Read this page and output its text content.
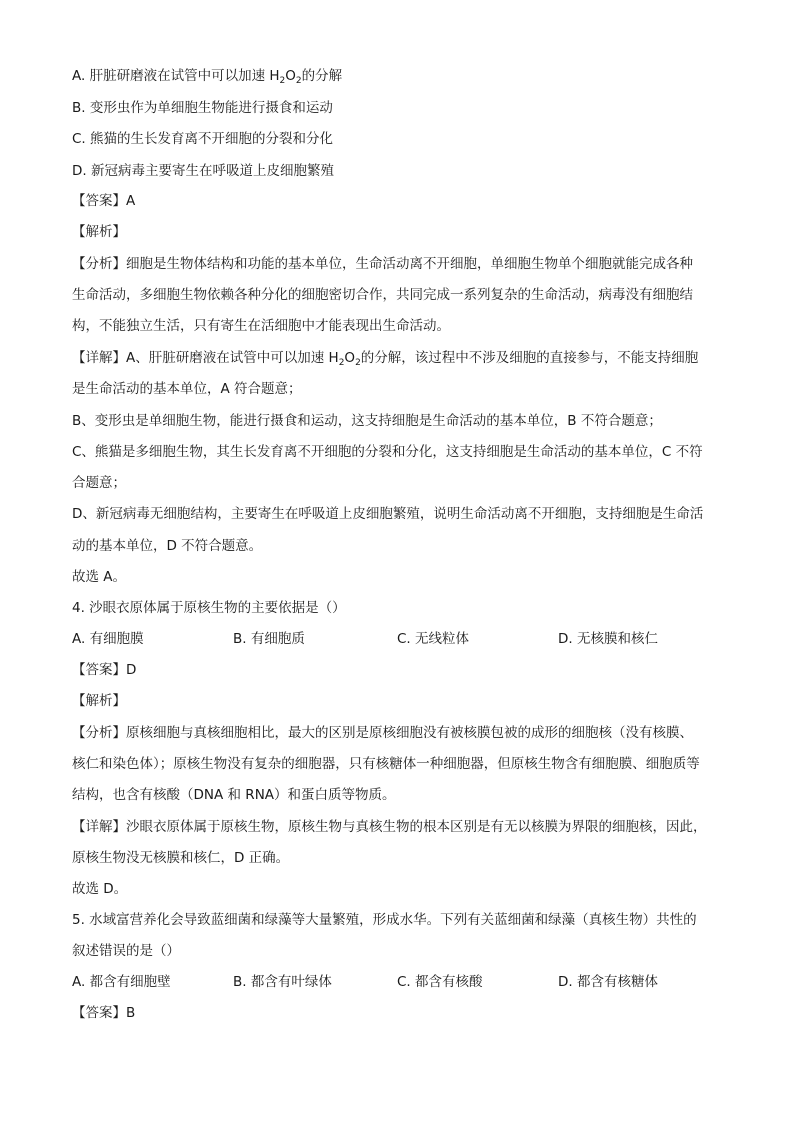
A. 肝脏研磨液在试管中可以加速 $H_2O_2$的分解
B. 变形虫作为单细胞生物能进行摄食和运动
C. 熊猫的生长发育离不开细胞的分裂和分化
D. 新冠病毒主要寄生在呼吸道上皮细胞繁殖
【答案】A
【解析】
【分析】细胞是生物体结构和功能的基本单位，生命活动离不开细胞，单细胞生物单个细胞就能完成各种
生命活动，多细胞生物依赖各种分化的细胞密切合作，共同完成一系列复杂的生命活动，病毒没有细胞结
构，不能独立生活，只有寄生在活细胞中才能表现出生命活动。
【详解】A、肝脏研磨液在试管中可以加速 $H_2O_2$的分解，该过程中不涉及细胞的直接参与，不能支持细胞
是生命活动的基本单位，A 符合题意；
B、变形虫是单细胞生物，能进行摄食和运动，这支持细胞是生命活动的基本单位，B 不符合题意；
C、熊猫是多细胞生物，其生长发育离不开细胞的分裂和分化，这支持细胞是生命活动的基本单位，C 不符
合题意；
D、新冠病毒无细胞结构，主要寄生在呼吸道上皮细胞繁殖，说明生命活动离不开细胞，支持细胞是生命活
动的基本单位，D 不符合题意。
故选 A。
4. 沙眼衣原体属于原核生物的主要依据是（）
A. 有细胞膜	B. 有细胞质	C. 无线粒体	D. 无核膜和核仁
【答案】D
【解析】
【分析】原核细胞与真核细胞相比，最大的区别是原核细胞没有被核膜包被的成形的细胞核（没有核膜、
核仁和染色体）；原核生物没有复杂的细胞器，只有核糖体一种细胞器，但原核生物含有细胞膜、细胞质等
结构，也含有核酸（DNA 和 RNA）和蛋白质等物质。
【详解】沙眼衣原体属于原核生物，原核生物与真核生物的根本区别是有无以核膜为界限的细胞核，因此，
原核生物没无核膜和核仁，D 正确。
故选 D。
5. 水域富营养化会导致蓝细菌和绿藻等大量繁殖，形成水华。下列有关蓝细菌和绿藻（真核生物）共性的
叙述错误的是（）
A. 都含有细胞壁	B. 都含有叶绿体	C. 都含有核酸	D. 都含有核糖体
【答案】B
